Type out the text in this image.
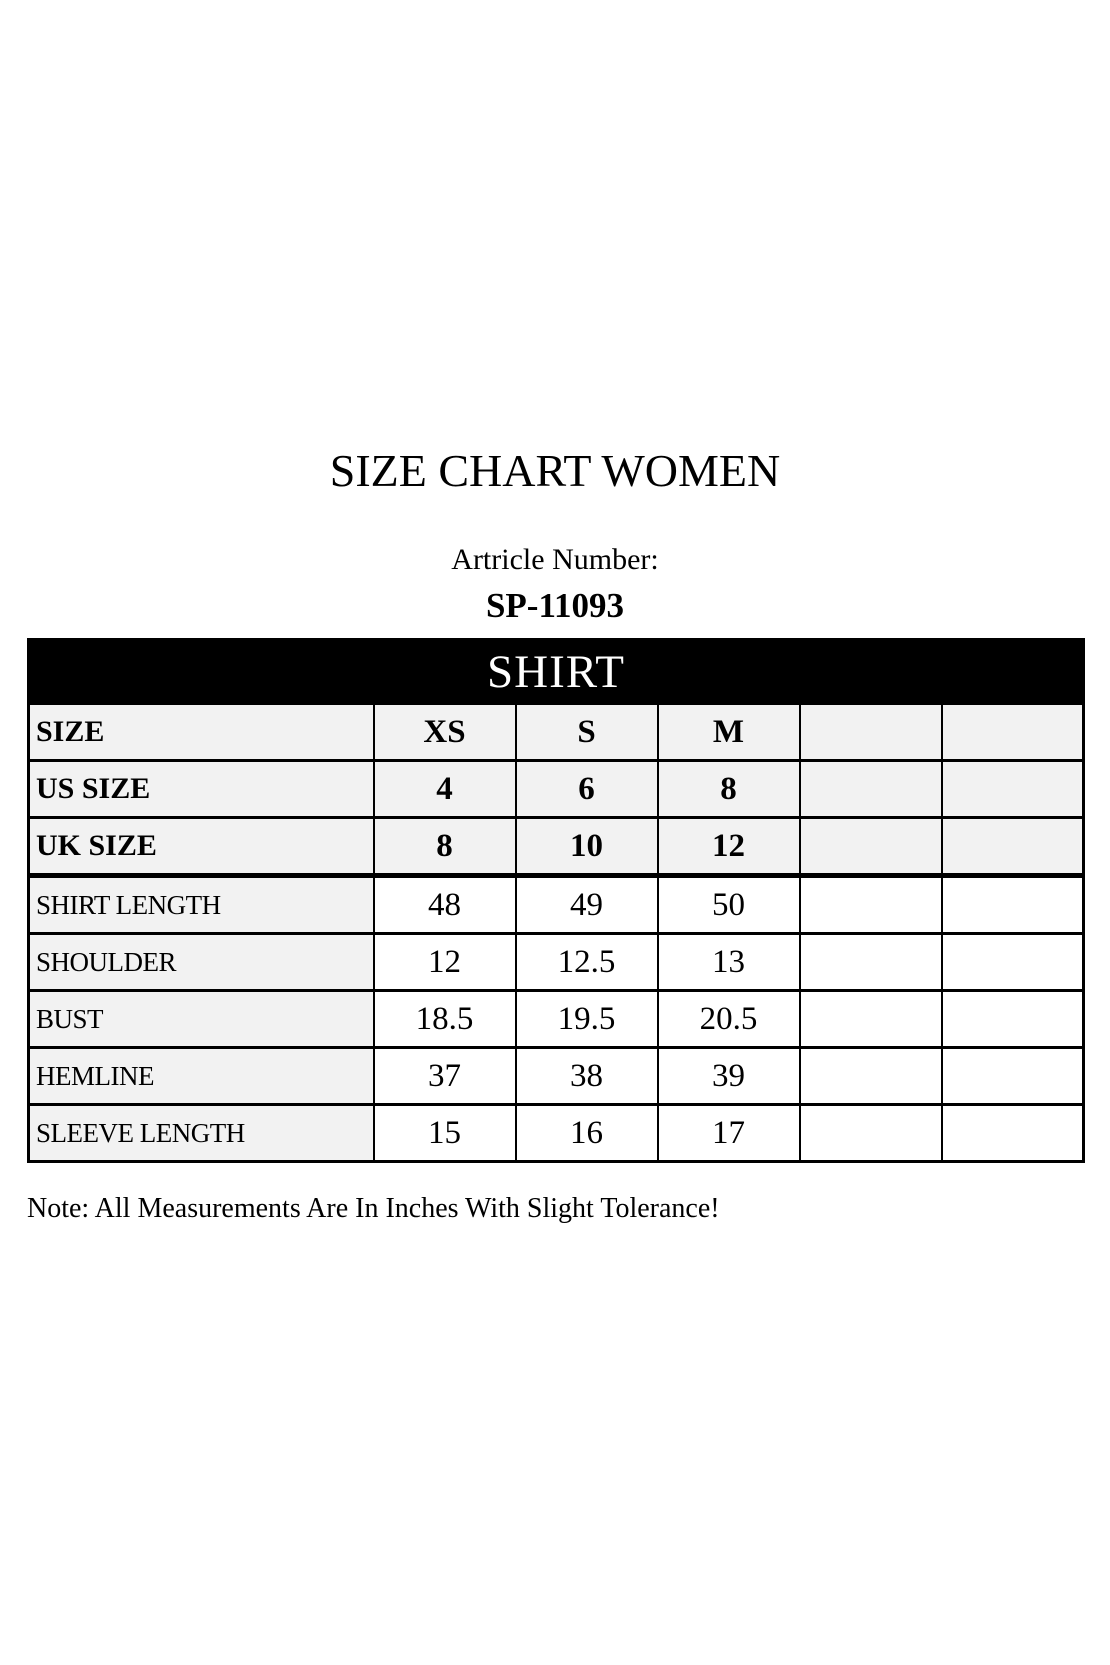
SIZE CHART WOMEN
Artricle Number:
SP-11093
SHIRT					
SIZE	XS	S	M		
US SIZE	4	6	8		
UK SIZE	8	10	12		
SHIRT LENGTH	48	49	50		
SHOULDER	12	12.5	13		
BUST	18.5	19.5	20.5		
HEMLINE	37	38	39		
SLEEVE LENGTH	15	16	17		
Note: All Measurements Are In Inches With Slight Tolerance!
